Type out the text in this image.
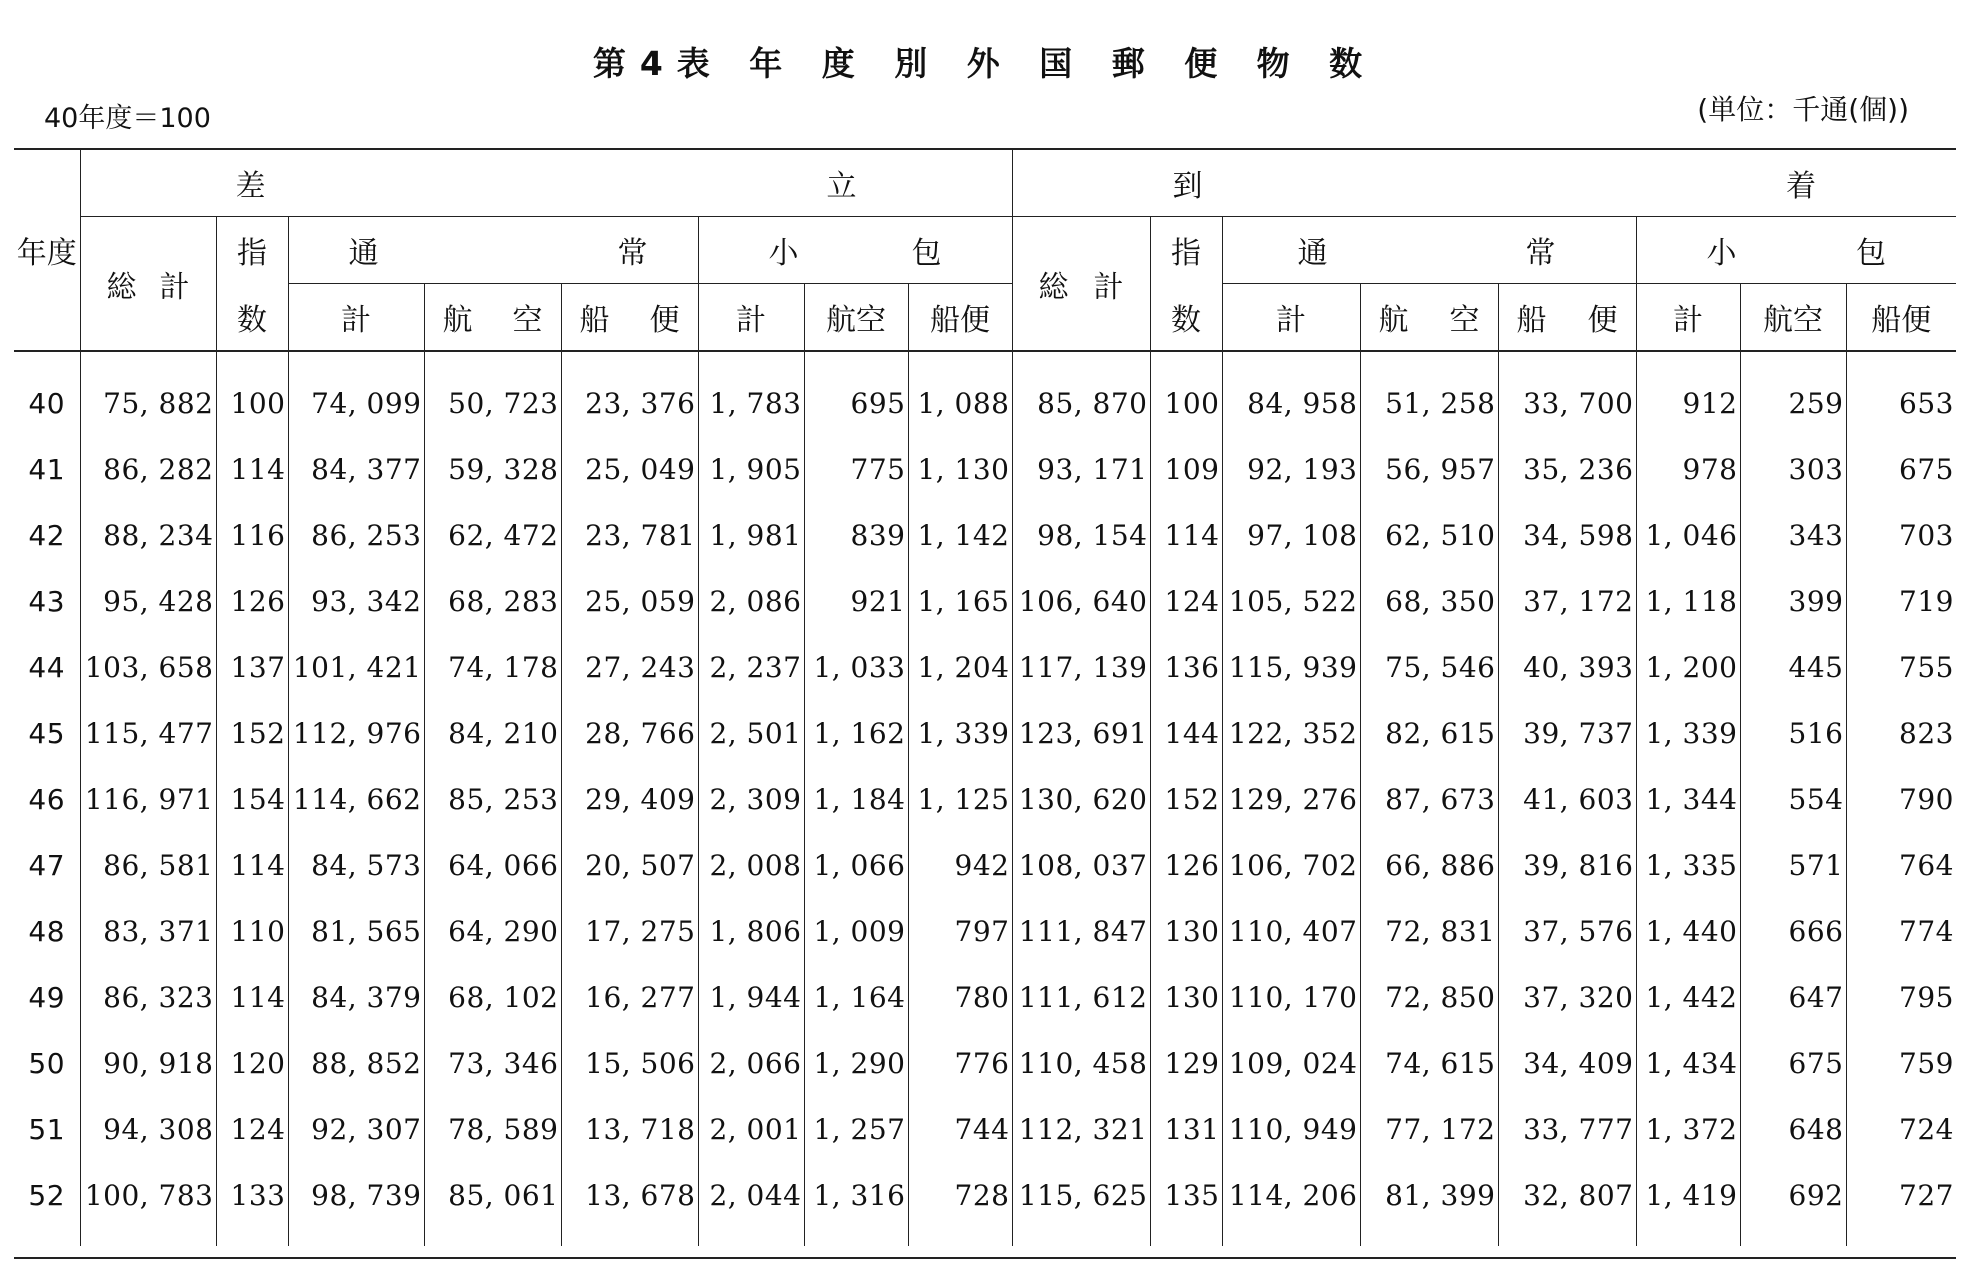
第4表 年 度 別 外 国 郵 便 物 数
40年度＝100	(単位：千通(個))
年度	差 立								到 着							

	総 計	指	通 常			小 包			総 計	指	通 常			小 包		

		数	計	航 空	船 便	計	航空	船便		数	計	航 空	船 便	計	航空	船便
40	75, 882	100	74, 099	50, 723	23, 376	1, 783	695	1, 088	85, 870	100	84, 958	51, 258	33, 700	912	259	653
41	86, 282	114	84, 377	59, 328	25, 049	1, 905	775	1, 130	93, 171	109	92, 193	56, 957	35, 236	978	303	675
42	88, 234	116	86, 253	62, 472	23, 781	1, 981	839	1, 142	98, 154	114	97, 108	62, 510	34, 598	1, 046	343	703
43	95, 428	126	93, 342	68, 283	25, 059	2, 086	921	1, 165	106, 640	124	105, 522	68, 350	37, 172	1, 118	399	719
44	103, 658	137	101, 421	74, 178	27, 243	2, 237	1, 033	1, 204	117, 139	136	115, 939	75, 546	40, 393	1, 200	445	755
45	115, 477	152	112, 976	84, 210	28, 766	2, 501	1, 162	1, 339	123, 691	144	122, 352	82, 615	39, 737	1, 339	516	823
46	116, 971	154	114, 662	85, 253	29, 409	2, 309	1, 184	1, 125	130, 620	152	129, 276	87, 673	41, 603	1, 344	554	790
47	86, 581	114	84, 573	64, 066	20, 507	2, 008	1, 066	942	108, 037	126	106, 702	66, 886	39, 816	1, 335	571	764
48	83, 371	110	81, 565	64, 290	17, 275	1, 806	1, 009	797	111, 847	130	110, 407	72, 831	37, 576	1, 440	666	774
49	86, 323	114	84, 379	68, 102	16, 277	1, 944	1, 164	780	111, 612	130	110, 170	72, 850	37, 320	1, 442	647	795
50	90, 918	120	88, 852	73, 346	15, 506	2, 066	1, 290	776	110, 458	129	109, 024	74, 615	34, 409	1, 434	675	759
51	94, 308	124	92, 307	78, 589	13, 718	2, 001	1, 257	744	112, 321	131	110, 949	77, 172	33, 777	1, 372	648	724
52	100, 783	133	98, 739	85, 061	13, 678	2, 044	1, 316	728	115, 625	135	114, 206	81, 399	32, 807	1, 419	692	727
